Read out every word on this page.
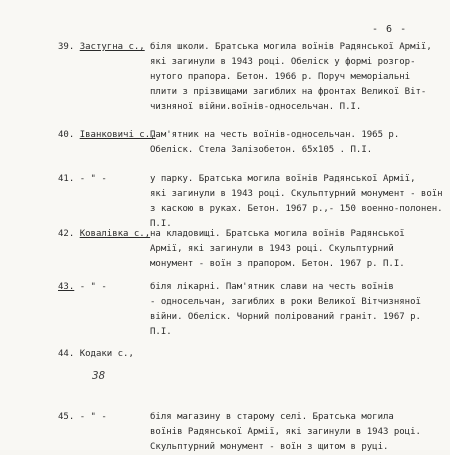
- 6 -
39. Застугна с., біля школи. Братська могила воїнів Радянської Армії,
які загинули в 1943 році. Обеліск у формі розгор-
нутого прапора. Бетон. 1966 р. Поруч меморіальні
плити з прізвищами загиблих на фронтах Великої Віт-
чизняної війни.воїнів-односельчан. П.І.
40. Іванковичі с.,
Пам'ятник на честь воїнів-односельчан. 1965 р.
Обеліск. Стела Залізобетон. 65х105 . П.І.
41. - " -	у парку. Братська могила воїнів Радянської Армії,
які загинули в 1943 році. Скульптурний монумент - воїн
з каскою в руках. Бетон. 1967 р.,- 150 военно-полонен.
П.І.
42. Ковалівка с., на кладовищі. Братська могила воїнів Радянської
Армії, які загинули в 1943 році. Скульптурний
монумент - воїн з прапором. Бетон. 1967 р. П.І.
43. - " -	біля лікарні. Пам'ятник слави на честь воїнів
- односельчан, загиблих в роки Великої Вітчизняної
війни. Обеліск. Чорний полірований граніт. 1967 р.
П.І.
44. Кодаки с.,
38
45. - " -	біля магазину в старому селі. Братська могила
воїнів Радянської Армії, які загинули в 1943 році.
Скульптурний монумент - воїн з щитом в руці.
